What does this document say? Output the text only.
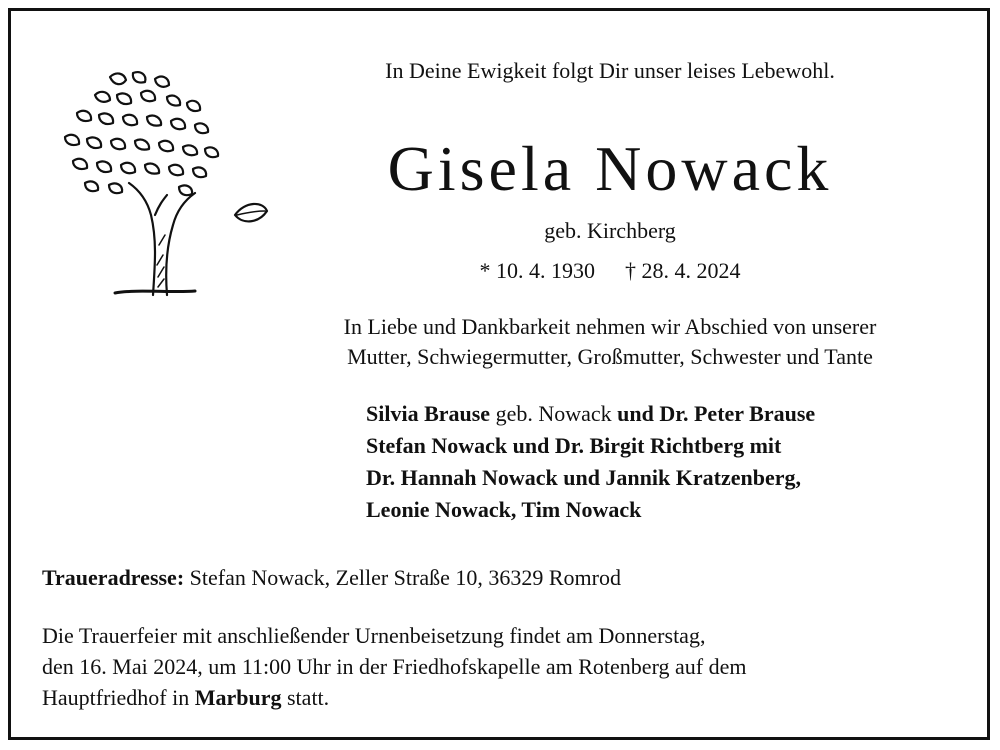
In Deine Ewigkeit folgt Dir unser leises Lebewohl.
Gisela Nowack
geb. Kirchberg
* 10. 4. 1930 † 28. 4. 2024
In Liebe und Dankbarkeit nehmen wir Abschied von unserer
Mutter, Schwiegermutter, Großmutter, Schwester und Tante
Silvia Brause geb. Nowack und Dr. Peter Brause
Stefan Nowack und Dr. Birgit Richtberg mit
Dr. Hannah Nowack und Jannik Kratzenberg,
Leonie Nowack, Tim Nowack
Traueradresse: Stefan Nowack, Zeller Straße 10, 36329 Romrod
Die Trauerfeier mit anschließender Urnenbeisetzung findet am Donnerstag,
den 16. Mai 2024, um 11:00 Uhr in der Friedhofskapelle am Rotenberg auf dem
Hauptfriedhof in Marburg statt.
